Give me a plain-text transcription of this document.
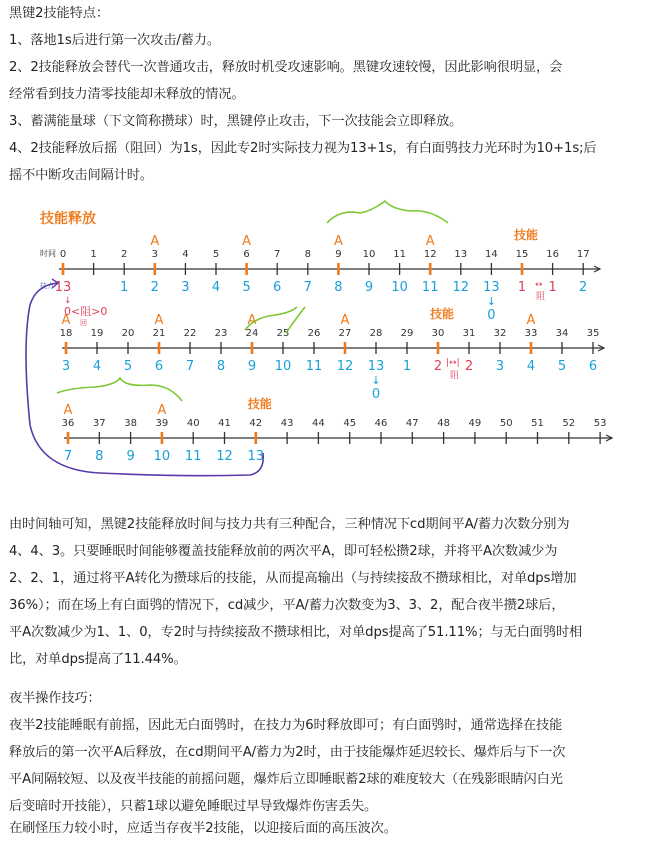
黑键2技能特点：

1、落地1s后进行第一次攻击/蓄力。

2、2技能释放会替代一次普通攻击，释放时机受攻速影响。黑键攻速较慢，因此影响很明显，会

经常看到技力清零技能却未释放的情况。

3、蓄满能量球（下文简称攒球）时，黑键停止攻击，下一次技能会立即释放。

4、2技能释放后摇（阻回）为1s，因此专2时实际技力视为13+1s，有白面鸮技力光环时为10+1s;后

摇不中断攻击间隔计时。

0
13
1 2
1
3
A
2
4
3
5
4
6
A
5
7
6
8
7
9
A
8
10
9
11
10
12
A
11
13
12
14
13
↓
0
15
技能
1
16
1
17
2
18
A
3
19
4
20
5
21
A
6
22
7
23
8
24
A
9
25
10
26
11
27
A
12
28
13
↓
0
29
1
30
技能
2
31
2
32
3
33
A
4
34
5
35
6
36
A
7
37
8
38
9
39
A
10
40
11
41
12
42
技能
13
43 44 45 46 47 48 49 50 51 52 53
技能释放
时间
技力
↓
0<阻>0
回
↔
阻
|↔|
阻

由时间轴可知，黑键2技能释放时间与技力共有三种配合，三种情况下cd期间平A/蓄力次数分别为

4、4、3。只要睡眠时间能够覆盖技能释放前的两次平A，即可轻松攒2球，并将平A次数减少为

2、2、1，通过将平A转化为攒球后的技能，从而提高输出（与持续接敌不攒球相比，对单dps增加

36%）；而在场上有白面鸮的情况下，cd减少，平A/蓄力次数变为3、3、2，配合夜半攒2球后，

平A次数减少为1、1、0，专2时与持续接敌不攒球相比，对单dps提高了51.11%；与无白面鸮时相

比，对单dps提高了11.44%。

夜半操作技巧：

夜半2技能睡眠有前摇，因此无白面鸮时，在技力为6时释放即可；有白面鸮时，通常选择在技能

释放后的第一次平A后释放，在cd期间平A/蓄力为2时，由于技能爆炸延迟较长、爆炸后与下一次

平A间隔较短、以及夜半技能的前摇问题，爆炸后立即睡眠蓄2球的难度较大（在残影眼睛闪白光

后变暗时开技能），只蓄1球以避免睡眠过早导致爆炸伤害丢失。

在刷怪压力较小时，应适当存夜半2技能，以迎接后面的高压波次。
